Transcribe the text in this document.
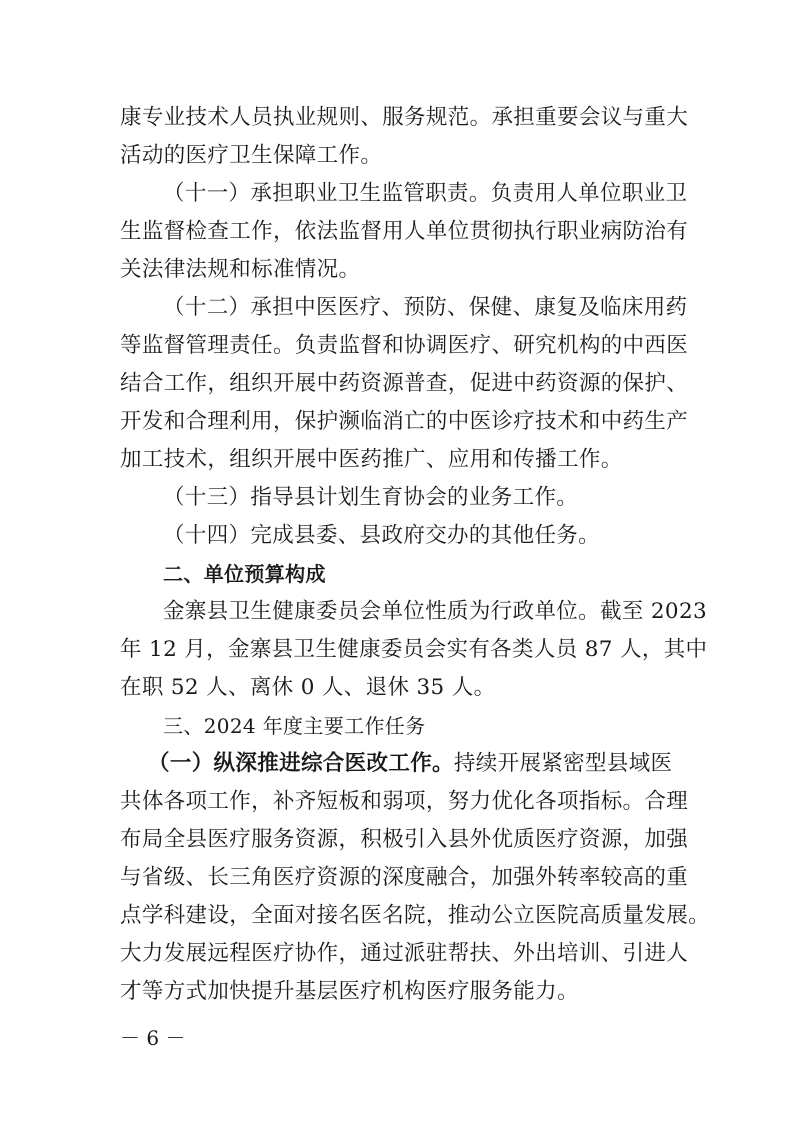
康专业技术人员执业规则、服务规范。承担重要会议与重大
活动的医疗卫生保障工作。
（十一）承担职业卫生监管职责。负责用人单位职业卫
生监督检查工作，依法监督用人单位贯彻执行职业病防治有
关法律法规和标准情况。
（十二）承担中医医疗、预防、保健、康复及临床用药
等监督管理责任。负责监督和协调医疗、研究机构的中西医
结合工作，组织开展中药资源普查，促进中药资源的保护、
开发和合理利用，保护濒临消亡的中医诊疗技术和中药生产
加工技术，组织开展中医药推广、应用和传播工作。
（十三）指导县计划生育协会的业务工作。
（十四）完成县委、县政府交办的其他任务。
二、单位预算构成
金寨县卫生健康委员会单位性质为行政单位。截至 2023
年 12 月，金寨县卫生健康委员会实有各类人员 87 人，其中
在职 52 人、离休 0 人、退休 35 人。
三、2024 年度主要工作任务
（一）纵深推进综合医改工作。持续开展紧密型县域医
共体各项工作，补齐短板和弱项，努力优化各项指标。合理
布局全县医疗服务资源，积极引入县外优质医疗资源，加强
与省级、长三角医疗资源的深度融合，加强外转率较高的重
点学科建设，全面对接名医名院，推动公立医院高质量发展。
大力发展远程医疗协作，通过派驻帮扶、外出培训、引进人
才等方式加快提升基层医疗机构医疗服务能力。
－ 6 －
